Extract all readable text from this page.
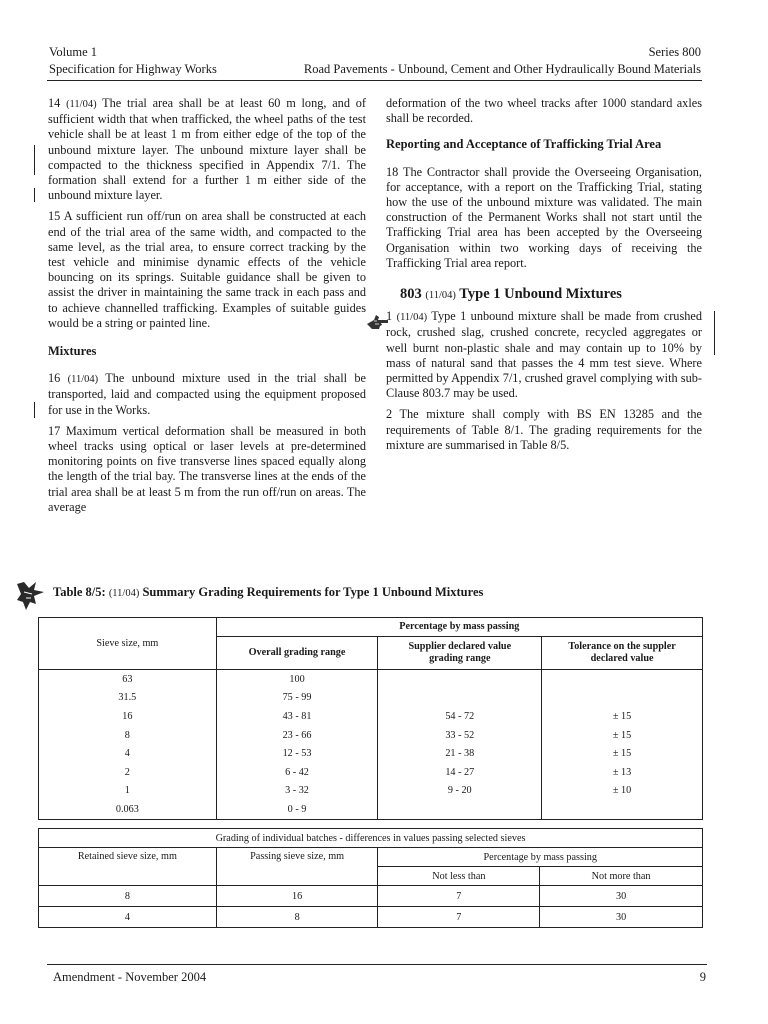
Volume 1	Series 800
Specification for Highway Works	Road Pavements - Unbound, Cement and Other Hydraulically Bound Materials

14 (11/04) The trial area shall be at least 60 m long, and of sufficient width that when trafficked, the wheel paths of the test vehicle shall be at least 1 m from either edge of the top of the unbound mixture layer. The unbound mixture layer shall be compacted to the thickness specified in Appendix 7/1. The formation shall extend for a further 1 m either side of the unbound mixture layer.

15 A sufficient run off/run on area shall be constructed at each end of the trial area of the same width, and compacted to the same level, as the trial area, to ensure correct tracking by the test vehicle and minimise dynamic effects of the vehicle bouncing on its springs. Suitable guidance shall be given to assist the driver in maintaining the same track in each pass and to achieve channelled trafficking. Examples of suitable guides would be a string or painted line.

Mixtures

16 (11/04) The unbound mixture used in the trial shall be transported, laid and compacted using the equipment proposed for use in the Works.

17 Maximum vertical deformation shall be measured in both wheel tracks using optical or laser levels at pre-determined monitoring points on five transverse lines spaced equally along the length of the trial bay. The transverse lines at the ends of the trial area shall be at least 5 m from the run off/run on areas. The average

deformation of the two wheel tracks after 1000 standard axles shall be recorded.

Reporting and Acceptance of Trafficking Trial Area

18 The Contractor shall provide the Overseeing Organisation, for acceptance, with a report on the Trafficking Trial, stating how the use of the unbound mixture was validated. The main construction of the Permanent Works shall not start until the Trafficking Trial area has been accepted by the Overseeing Organisation within two working days of receiving the Trafficking Trial area report.

803 (11/04) Type 1 Unbound Mixtures

1 (11/04) Type 1 unbound mixture shall be made from crushed rock, crushed slag, crushed concrete, recycled aggregates or well burnt non-plastic shale and may contain up to 10% by mass of natural sand that passes the 4 mm test sieve. Where permitted by Appendix 7/1, crushed gravel complying with sub-Clause 803.7 may be used.

2 The mixture shall comply with BS EN 13285 and the requirements of Table 8/1. The grading requirements for the mixture are summarised in Table 8/5.

Table 8/5: (11/04) Summary Grading Requirements for Type 1 Unbound Mixtures
Sieve size, mm	Percentage by mass passing		
	Overall grading range	Supplier declared value grading range	Tolerance on the suppler declared value
63	100		
31.5	75 - 99		
16	43 - 81	54 - 72	± 15
8	23 - 66	33 - 52	± 15
4	12 - 53	21 - 38	± 15
2	6 - 42	14 - 27	± 13
1	3 - 32	9 - 20	± 10
0.063	0 - 9		
Grading of individual batches - differences in values passing selected sieves			
Retained sieve size, mm	Passing sieve size, mm	Percentage by mass passing	
		Not less than	Not more than
8	16	7	30
4	8	7	30
Amendment - November 2004	9
